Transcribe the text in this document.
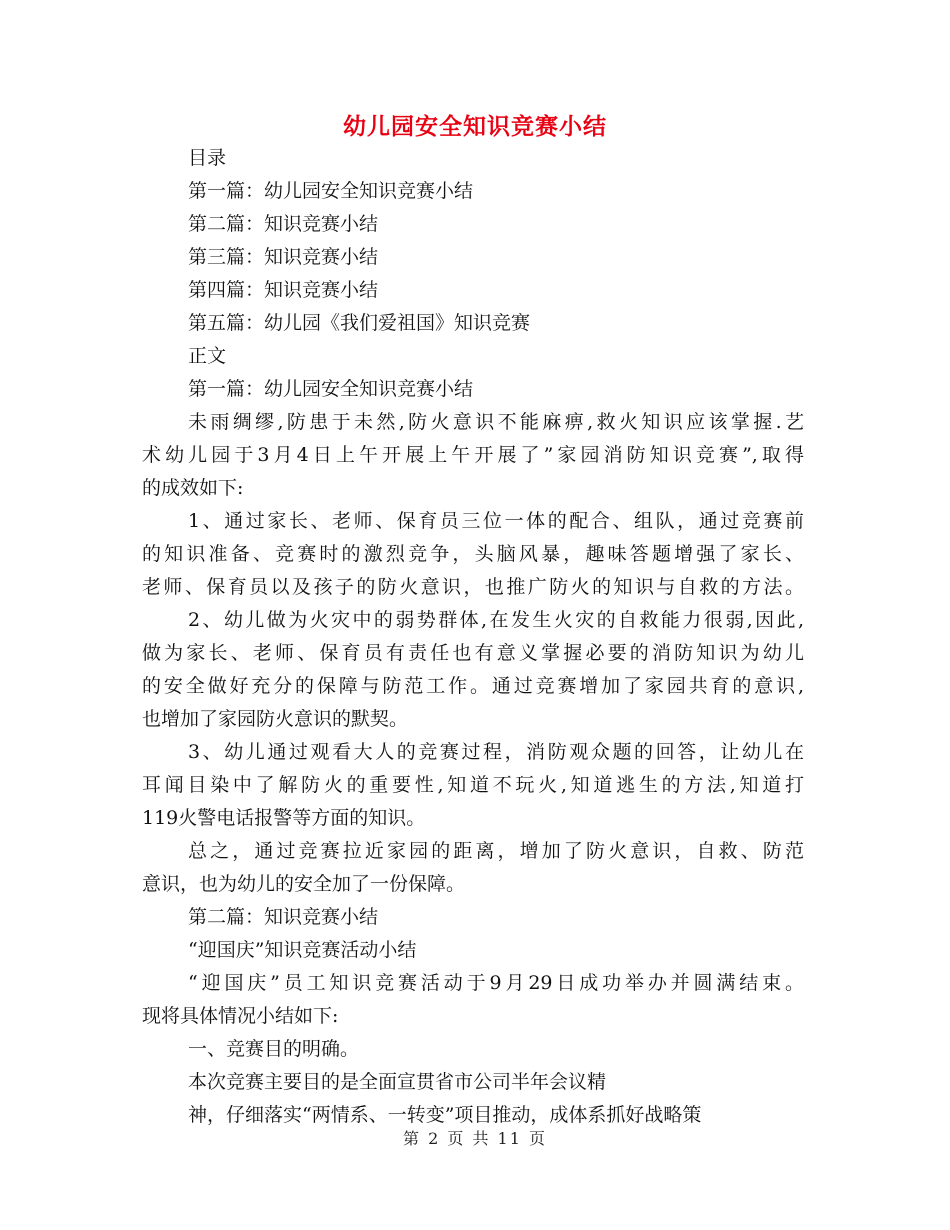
幼儿园安全知识竞赛小结
目录
第一篇：幼儿园安全知识竞赛小结
第二篇：知识竞赛小结
第三篇：知识竞赛小结
第四篇：知识竞赛小结
第五篇：幼儿园《我们爱祖国》知识竞赛
正文
第一篇：幼儿园安全知识竞赛小结
未雨绸缪,防患于未然,防火意识不能麻痹,救火知识应该掌握.艺
术幼儿园于3月4日上午开展上午开展了”家园消防知识竞赛”,取得
的成效如下:
1、通过家长、老师、保育员三位一体的配合、组队，通过竞赛前
的知识准备、竞赛时的激烈竞争，头脑风暴，趣味答题增强了家长、
老师、保育员以及孩子的防火意识，也推广防火的知识与自救的方法。
2、幼儿做为火灾中的弱势群体,在发生火灾的自救能力很弱,因此,
做为家长、老师、保育员有责任也有意义掌握必要的消防知识为幼儿
的安全做好充分的保障与防范工作。通过竞赛增加了家园共育的意识,
也增加了家园防火意识的默契。
3、幼儿通过观看大人的竞赛过程，消防观众题的回答，让幼儿在
耳闻目染中了解防火的重要性,知道不玩火,知道逃生的方法,知道打
119火警电话报警等方面的知识。
总之，通过竞赛拉近家园的距离，增加了防火意识，自救、防范
意识，也为幼儿的安全加了一份保障。
第二篇：知识竞赛小结
“迎国庆”知识竞赛活动小结
“迎国庆”员工知识竞赛活动于9月29日成功举办并圆满结束。
现将具体情况小结如下:
一、竞赛目的明确。
本次竞赛主要目的是全面宣贯省市公司半年会议精
神，仔细落实“两情系、一转变”项目推动，成体系抓好战略策
第 2 页 共 11 页
